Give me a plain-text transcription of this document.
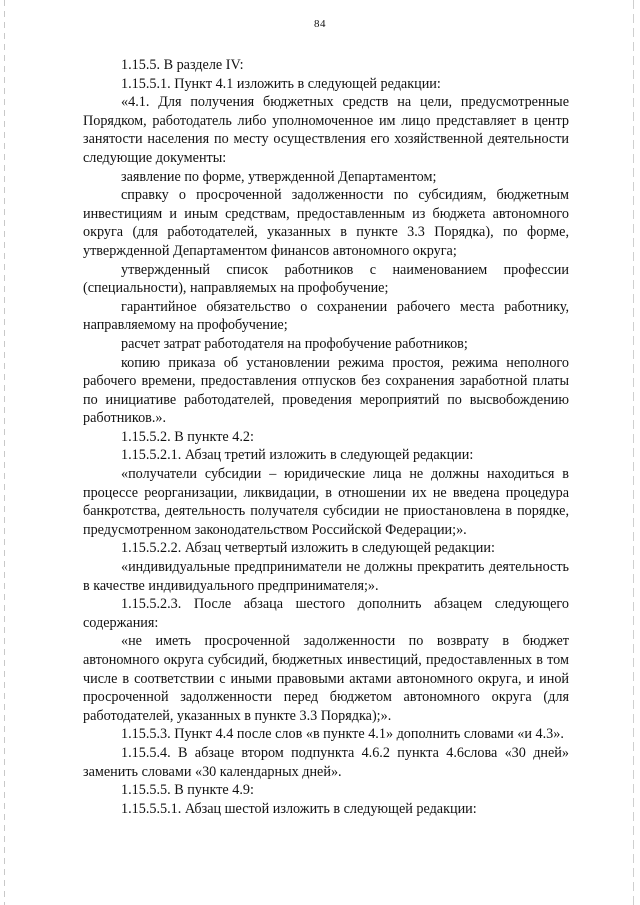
84

1.15.5. В разделе IV:

1.15.5.1. Пункт 4.1 изложить в следующей редакции:

«4.1. Для получения бюджетных средств на цели, предусмотренные Порядком, работодатель либо уполномоченное им лицо представляет в центр занятости населения по месту осуществления его хозяйственной деятельности следующие документы:

заявление по форме, утвержденной Департаментом;

справку о просроченной задолженности по субсидиям, бюджетным инвестициям и иным средствам, предоставленным из бюджета автономного округа (для работодателей, указанных в пункте 3.3 Порядка), по форме, утвержденной Департаментом финансов автономного округа;

утвержденный список работников с наименованием профессии (специальности), направляемых на профобучение;

гарантийное обязательство о сохранении рабочего места работнику, направляемому на профобучение;

расчет затрат работодателя на профобучение работников;

копию приказа об установлении режима простоя, режима неполного рабочего времени, предоставления отпусков без сохранения заработной платы по инициативе работодателей, проведения мероприятий по высвобождению работников.».

1.15.5.2. В пункте 4.2:

1.15.5.2.1. Абзац третий изложить в следующей редакции:

«получатели субсидии – юридические лица не должны находиться в процессе реорганизации, ликвидации, в отношении их не введена процедура банкротства, деятельность получателя субсидии не приостановлена в порядке, предусмотренном законодательством Российской Федерации;».

1.15.5.2.2. Абзац четвертый изложить в следующей редакции:

«индивидуальные предприниматели не должны прекратить деятельность в качестве индивидуального предпринимателя;».

1.15.5.2.3. После абзаца шестого дополнить абзацем следующего содержания:

«не иметь просроченной задолженности по возврату в бюджет автономного округа субсидий, бюджетных инвестиций, предоставленных в том числе в соответствии с иными правовыми актами автономного округа, и иной просроченной задолженности перед бюджетом автономного округа (для работодателей, указанных в пункте 3.3 Порядка);».

1.15.5.3. Пункт 4.4 после слов «в пункте 4.1» дополнить словами «и 4.3».

1.15.5.4. В абзаце втором подпункта 4.6.2 пункта 4.6слова «30 дней» заменить словами «30 календарных дней».

1.15.5.5. В пункте 4.9:

1.15.5.5.1. Абзац шестой изложить в следующей редакции:
